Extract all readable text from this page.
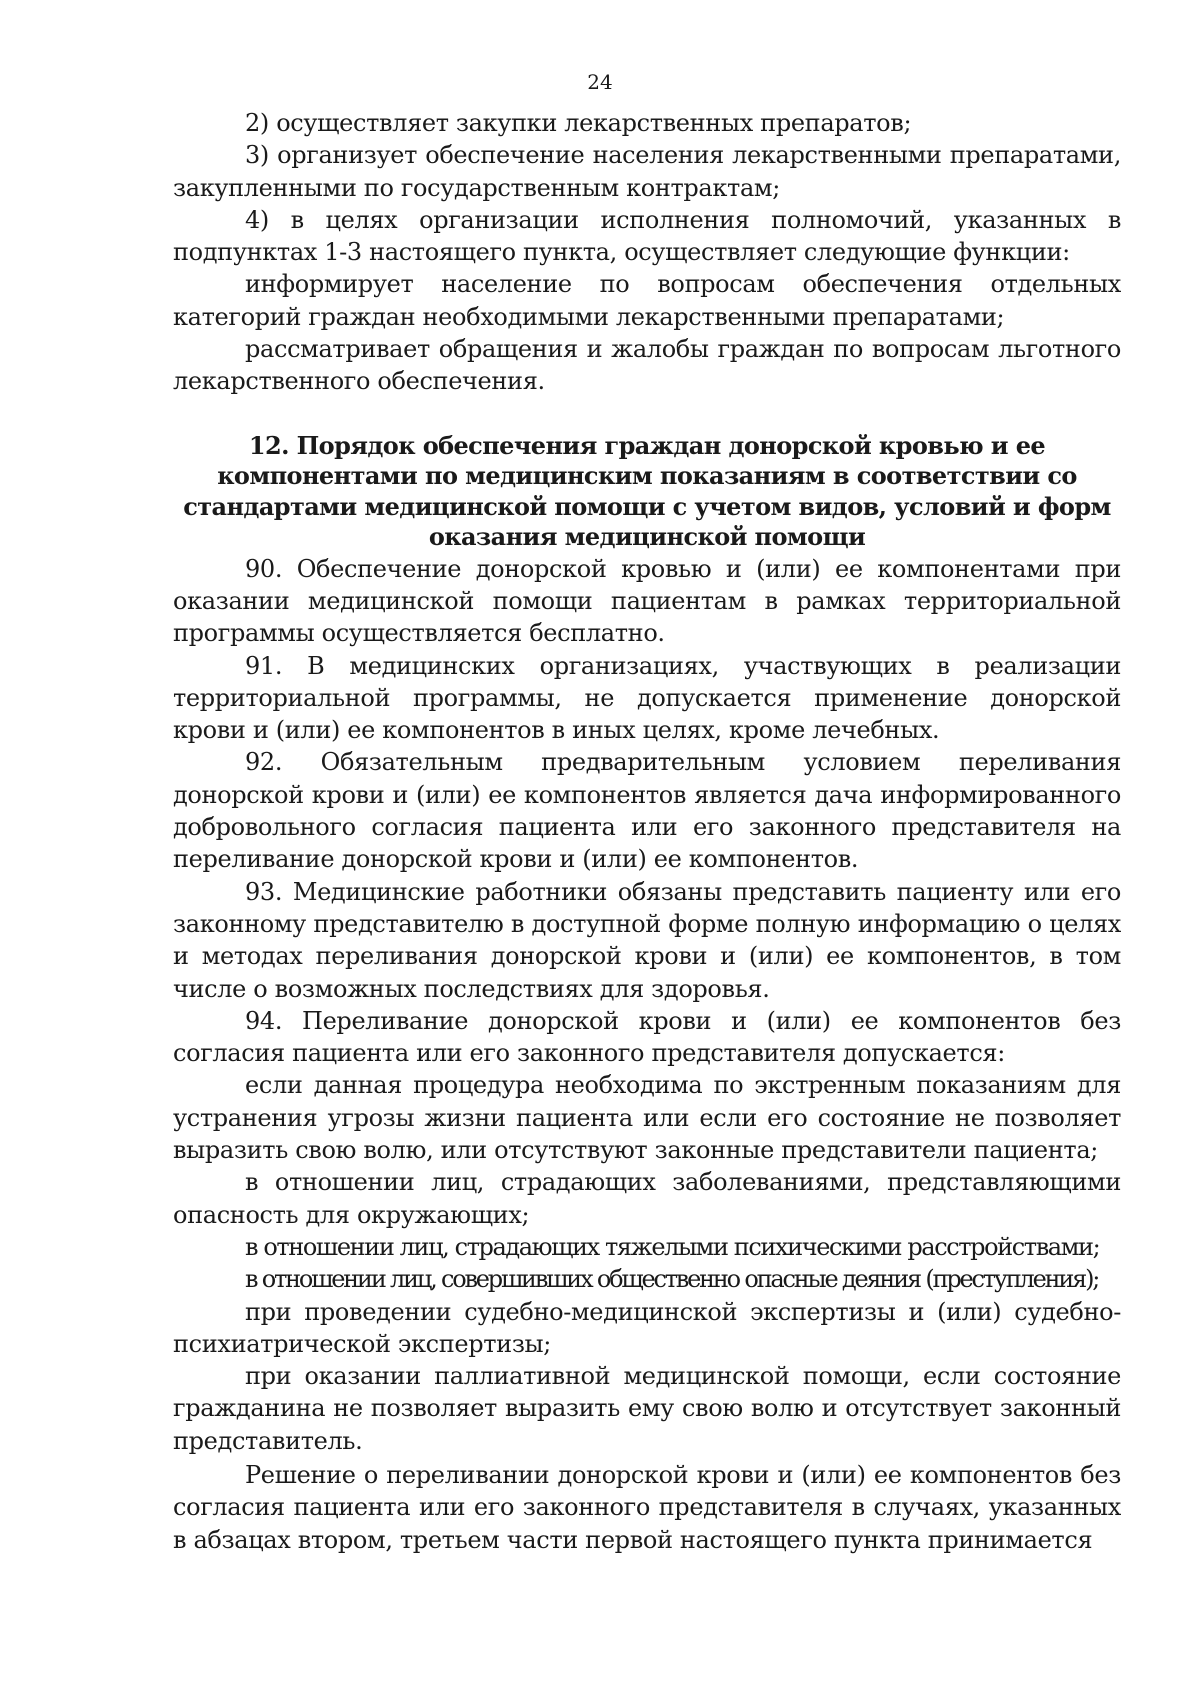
24

2) осуществляет закупки лекарственных препаратов;

3) организует обеспечение населения лекарственными препаратами, закупленными по государственным контрактам;

4) в целях организации исполнения полномочий, указанных в подпунктах 1-3 настоящего пункта, осуществляет следующие функции:

информирует население по вопросам обеспечения отдельных категорий граждан необходимыми лекарственными препаратами;

рассматривает обращения и жалобы граждан по вопросам льготного лекарственного обеспечения.

12. Порядок обеспечения граждан донорской кровью и ее компонентами по медицинским показаниям в соответствии со стандартами медицинской помощи с учетом видов, условий и форм оказания медицинской помощи

90. Обеспечение донорской кровью и (или) ее компонентами при оказании медицинской помощи пациентам в рамках территориальной программы осуществляется бесплатно.

91. В медицинских организациях, участвующих в реализации территориальной программы, не допускается применение донорской крови и (или) ее компонентов в иных целях, кроме лечебных.

92. Обязательным предварительным условием переливания донорской крови и (или) ее компонентов является дача информированного добровольного согласия пациента или его законного представителя на переливание донорской крови и (или) ее компонентов.

93. Медицинские работники обязаны представить пациенту или его законному представителю в доступной форме полную информацию о целях и методах переливания донорской крови и (или) ее компонентов, в том числе о возможных последствиях для здоровья.

94. Переливание донорской крови и (или) ее компонентов без согласия пациента или его законного представителя допускается:

если данная процедура необходима по экстренным показаниям для устранения угрозы жизни пациента или если его состояние не позволяет выразить свою волю, или отсутствуют законные представители пациента;

в отношении лиц, страдающих заболеваниями, представляющими опасность для окружающих;

в отношении лиц, страдающих тяжелыми психическими расстройствами;

в отношении лиц, совершивших общественно опасные деяния (преступления);

при проведении судебно-медицинской экспертизы и (или) судебно-психиатрической экспертизы;

при оказании паллиативной медицинской помощи, если состояние гражданина не позволяет выразить ему свою волю и отсутствует законный представитель.

Решение о переливании донорской крови и (или) ее компонентов без согласия пациента или его законного представителя в случаях, указанных в абзацах втором, третьем части первой настоящего пункта принимается
